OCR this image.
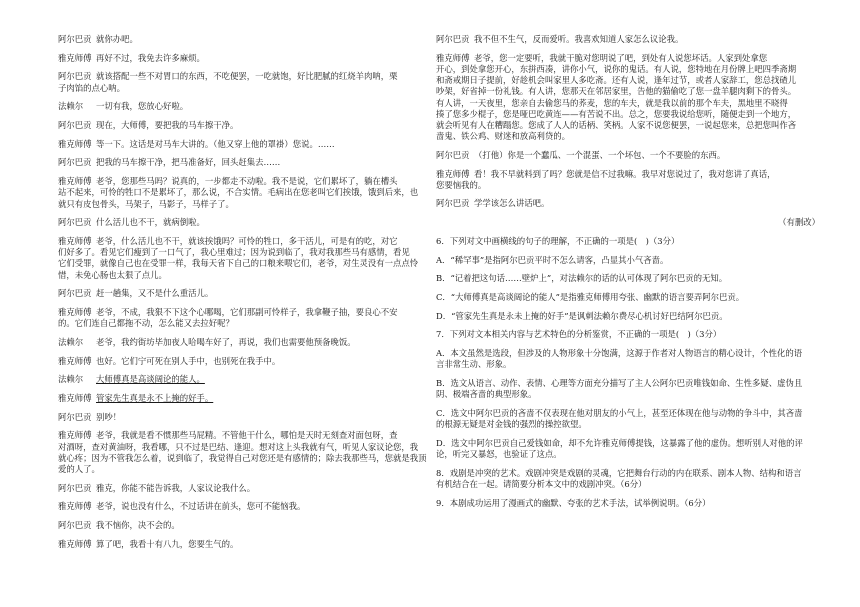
阿尔巴贡 就你办吧。
雅克师傅 再好不过，我免去许多麻烦。
阿尔巴贡 就该搭配一些不对胃口的东西，不吃便罢，一吃就饱，好比肥腻的红烧羊肉呐，栗
子肉馅的点心呐。
法赖尔 一切有我，您放心好啦。
阿尔巴贡 现在，大师傅，要把我的马车擦干净。
雅克师傅 等一下。这话是对马车大讲的。（他又穿上他的罩褂）您说。……
阿尔巴贡 把我的马车擦干净，把马准备好，回头赶集去……
雅克师傅 老爷，您那些马吗？说真的，一步都走不动啦。我不是说，它们累坏了，躺在槽头
站不起来，可怜的牲口不是累坏了，那么说，不合实情。毛病出在您老叫它们挨饿，饿到后来，也
就只有皮包骨头，马架子，马影子，马样子了。
阿尔巴贡 什么活儿也不干，就病倒啦。
雅克师傅 老爷，什么活儿也不干，就该挨饿吗？可怜的牲口，多干活儿，可是有的吃，对它
们好多了。看见它们瘦到了一口气了，我心里难过；因为说到临了，我对我那些马有感情，看见
它们受罪，就像自己也在受罪一样，我每天省下自己的口粮来喂它们，老爷，对生灵没有一点点怜
惜，未免心肠也太狠了点儿。
阿尔巴贡 赶一趟集，又不是什么重活儿。
雅克师傅 老爷，不成，我狠不下这个心哪喝，它们那副可怜样子，我拿鞭子抽，要良心不安
的。它们连自己都拖不动，怎么能又去拉好呢？
法赖尔 老爷，我约街坊毕加夜人哈喝车好了，再说，我们也需要他预备晚饭。
雅克师傅 也好。它们宁可死在别人手中，也别死在我手中。
法赖尔 大师傅真是高谈阔论的能人。
雅克师傅 管家先生真是永不上掩的好手。
阿尔巴贡 别吵！
雅克师傅 老爷，我就是看不惯那些马屁精。不管他干什么，哪怕是天时无刻查对面包呀，查
对酒呀，查对黄油呀，我看哪，只不过是巴结、逢迎。想对这上头我就有气，听见人家议论您，我
就心疼；因为不管我怎么着，说到临了，我觉得自己对您还是有感情的；除去我那些马，您就是我顶
爱的人了。
阿尔巴贡 雅克，你能不能告诉我，人家议论我什么。
雅克师傅 老爷，说也没有什么，不过话讲在前头，您可不能恼我。
阿尔巴贡 我不恼你，决不会的。
雅克师傅 算了吧，我看十有八九，您要生气的。
阿尔巴贡 我不但不生气，反而爱听。我喜欢知道人家怎么议论我。
雅克师傅 老爷，您一定要听，我就干脆对您明说了吧，到处有人说您坏话。人家到处拿您
开心，到处拿您开心，东拼西凑，讲你小气，说你的鬼话。有人说，您特地在月份牌上吧四季斋期
和斋戒期日子提前，好趁机会叫家里人多吃斋。还有人说，逢年过节，或者人家辞工，您总找碴儿
吵架，好省掉一份礼钱。有人讲，您那天在邻居家里，告他的猫偷吃了您一盘羊腿肉剩下的骨头。
有人讲，一天夜里，您亲自去偷您马的荞麦，您的车夫，就是我以前的那个车夫，黑地里不晓得
揍了您多少棍子，您是哑巴吃黄连——有苦说不出。总之，您要我说给您听，随便走到一个地方，
就会听见有人在糟蹋您。您成了人人的话柄、笑柄。人家不说您便罢，一说起您来，总把您叫作吝
啬鬼、铁公鸡、财迷和放高利贷的。
阿尔巴贡 （打他）你是一个蠢瓜、一个混蛋、一个坏包、一个不要脸的东西。
雅克师傅 看！我不早就料到了吗？您就是信不过我嘛。我早对您说过了，我对您讲了真话，
您要恼我的。
阿尔巴贡 学学该怎么讲话吧。
（有删改）
6．下列对文中画横线的句子的理解，不正确的一项是(　)（3分）
A．“稀罕事”是指阿尔巴贡平时不怎么请客，凸显其小气吝啬。
B．“记着把这句话……壁炉上”，对法赖尔的话的认可体现了阿尔巴贡的无知。
C．“大师傅真是高谈阔论的能人”是指雅克师傅用夸张、幽默的语言要弄阿尔巴贡。
D．“管家先生真是永未上掩的好手”是讽刺法赖尔费尽心机讨好巴结阿尔巴贡。
7．下列对文本相关内容与艺术特色的分析鉴赏，不正确的一项是(　)（3分）
A．本文虽然是选段，但涉及的人物形象十分饱满，这源于作者对人物语言的精心设计，个性化的语
言非常生动、形象。
B．选文从语言、动作、表情、心理等方面充分描写了主人公阿尔巴贡唯钱如命、生性多疑、虚伪且
阴、极端吝啬的典型形象。
C．选文中阿尔巴贡的吝啬不仅表现在他对朋友的小气上，甚至还体现在他与动物的争斗中，其吝啬
的根源无疑是对金钱的强烈的操控欲望。
D．选文中阿尔巴贡自己爱钱如命，却不允许雅克师傅提钱，这暴露了他的虚伪。想听别人对他的评
论，听完又暴怒，也验证了这点。
8．戏剧是冲突的艺术。戏剧冲突是戏剧的灵魂，它把舞台行动的内在联系、剧本人物、结构和语言
有机结合在一起。请简要分析本文中的戏剧冲突。（6分）
9．本剧成功运用了漫画式的幽默、夸张的艺术手法，试举例说明。（6分）
